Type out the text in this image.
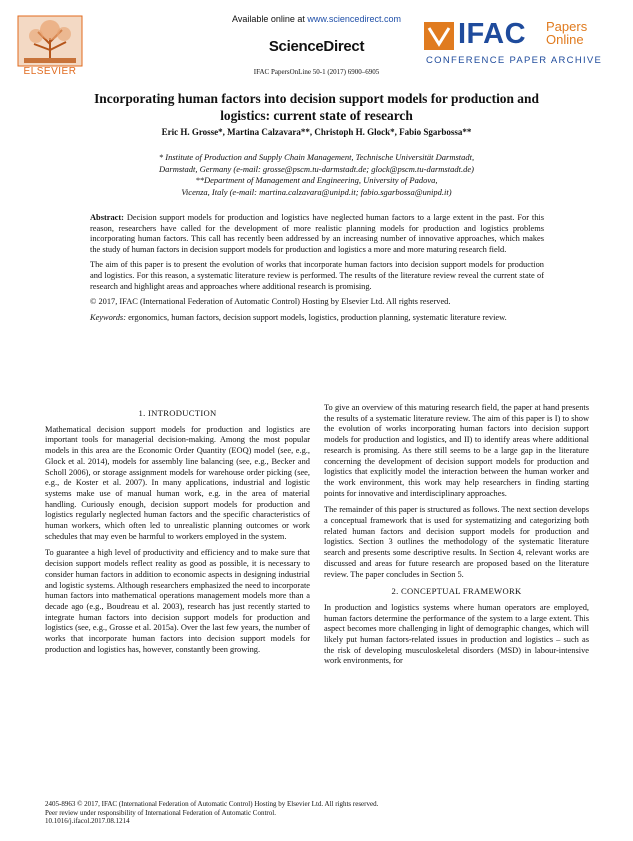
ELSEVIER
Available online at www.sciencedirect.com
ScienceDirect
IFAC PapersOnLine 50-1 (2017) 6900–6905
IFAC Papers
Online
CONFERENCE PAPER ARCHIVE
Incorporating human factors into decision support models for production and
logistics: current state of research
Eric H. Grosse*, Martina Calzavara**, Christoph H. Glock*, Fabio Sgarbossa**
* Institute of Production and Supply Chain Management, Technische Universität Darmstadt,
Darmstadt, Germany (e-mail: grosse@pscm.tu-darmstadt.de; glock@pscm.tu-darmstadt.de)
**Department of Management and Engineering, University of Padova,
Vicenza, Italy (e-mail: martina.calzavara@unipd.it; fabio.sgarbossa@unipd.it)

Abstract: Decision support models for production and logistics have neglected human factors to a large extent in the past. For this reason, researchers have called for the development of more realistic planning models for production and logistics problems incorporating human factors. This call has recently been addressed by an increasing number of innovative approaches, which makes the study of human factors in decision support models for production and logistics a more and more maturing research field.

The aim of this paper is to present the evolution of works that incorporate human factors into decision support models for production and logistics. For this reason, a systematic literature review is performed. The results of the literature review reveal the current state of research and highlight areas and approaches where additional research is promising.

© 2017, IFAC (International Federation of Automatic Control) Hosting by Elsevier Ltd. All rights reserved.

Keywords: ergonomics, human factors, decision support models, logistics, production planning, systematic literature review.

1. INTRODUCTION

Mathematical decision support models for production and logistics are important tools for managerial decision-making. Among the most popular models in this area are the Economic Order Quantity (EOQ) model (see, e.g., Glock et al. 2014), models for assembly line balancing (see, e.g., Becker and Scholl 2006), or storage assignment models for warehouse order picking (see, e.g., de Koster et al. 2007). In many applications, industrial and logistic systems make use of manual human work, e.g. in the area of material handling. Curiously enough, decision support models for production and logistics regularly neglected human factors and the specific characteristics of human workers, which often led to unrealistic planning outcomes or work schedules that may even be harmful to workers employed in the system.

To guarantee a high level of productivity and efficiency and to make sure that decision support models reflect reality as good as possible, it is necessary to consider human factors in addition to economic aspects in designing industrial and logistic systems. Although researchers emphasized the need to incorporate human factors into mathematical operations management models more than a decade ago (e.g., Boudreau et al. 2003), research has just recently started to integrate human factors into decision support models for production and logistics (see, e.g., Grosse et al. 2015a). Over the last few years, the number of works that incorporate human factors into decision support models for production and logistics has, however, constantly been growing.

To give an overview of this maturing research field, the paper at hand presents the results of a systematic literature review. The aim of this paper is I) to show the evolution of works incorporating human factors into decision support models for production and logistics, and II) to identify areas where additional research is promising. As there still seems to be a large gap in the literature concerning the development of decision support models for production and logistics that explicitly model the interaction between the human worker and the work environment, this work may help researchers in finding starting points for innovative and interdisciplinary approaches.

The remainder of this paper is structured as follows. The next section develops a conceptual framework that is used for systematizing and categorizing both related human factors and decision support models for production and logistics. Section 3 outlines the methodology of the systematic literature search and presents some descriptive results. In Section 4, relevant works are discussed and areas for future research are proposed based on the literature review. The paper concludes in Section 5.

2. CONCEPTUAL FRAMEWORK

In production and logistics systems where human operators are employed, human factors determine the performance of the system to a large extent. This aspect becomes more challenging in light of demographic changes, which will likely put human factors-related issues in production and logistics – such as the risk of developing musculoskeletal disorders (MSD) in labour-intensive work environments, for

2405-8963 © 2017, IFAC (International Federation of Automatic Control) Hosting by Elsevier Ltd. All rights reserved.
Peer review under responsibility of International Federation of Automatic Control.
10.1016/j.ifacol.2017.08.1214
